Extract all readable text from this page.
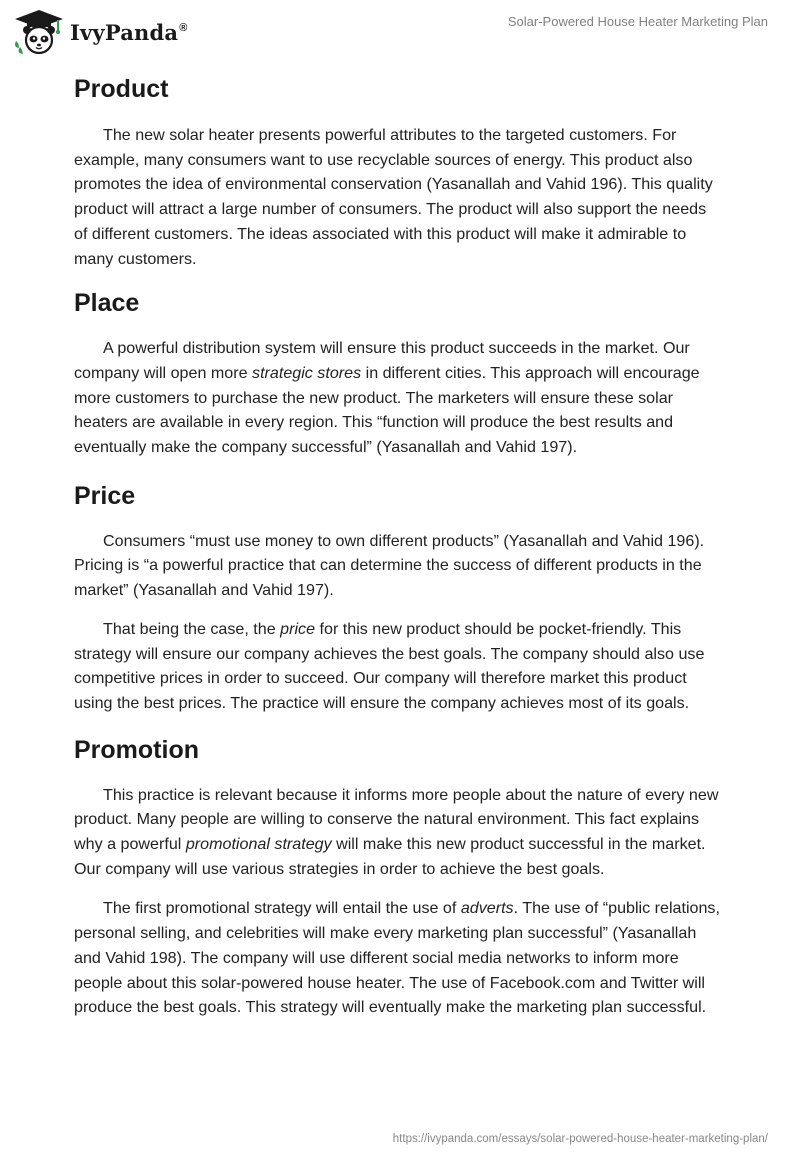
IvyPanda®	Solar-Powered House Heater Marketing Plan
Product

The new solar heater presents powerful attributes to the targeted customers. For example, many consumers want to use recyclable sources of energy. This product also promotes the idea of environmental conservation (Yasanallah and Vahid 196). This quality product will attract a large number of consumers. The product will also support the needs of different customers. The ideas associated with this product will make it admirable to many customers.

Place

A powerful distribution system will ensure this product succeeds in the market. Our company will open more strategic stores in different cities. This approach will encourage more customers to purchase the new product. The marketers will ensure these solar heaters are available in every region. This “function will produce the best results and eventually make the company successful” (Yasanallah and Vahid 197).

Price

Consumers “must use money to own different products” (Yasanallah and Vahid 196). Pricing is “a powerful practice that can determine the success of different products in the market” (Yasanallah and Vahid 197).

That being the case, the price for this new product should be pocket-friendly. This strategy will ensure our company achieves the best goals. The company should also use competitive prices in order to succeed. Our company will therefore market this product using the best prices. The practice will ensure the company achieves most of its goals.

Promotion

This practice is relevant because it informs more people about the nature of every new product. Many people are willing to conserve the natural environment. This fact explains why a powerful promotional strategy will make this new product successful in the market. Our company will use various strategies in order to achieve the best goals.

The first promotional strategy will entail the use of adverts. The use of “public relations, personal selling, and celebrities will make every marketing plan successful” (Yasanallah and Vahid 198). The company will use different social media networks to inform more people about this solar-powered house heater. The use of Facebook.com and Twitter will produce the best goals. This strategy will eventually make the marketing plan successful.

https://ivypanda.com/essays/solar-powered-house-heater-marketing-plan/
